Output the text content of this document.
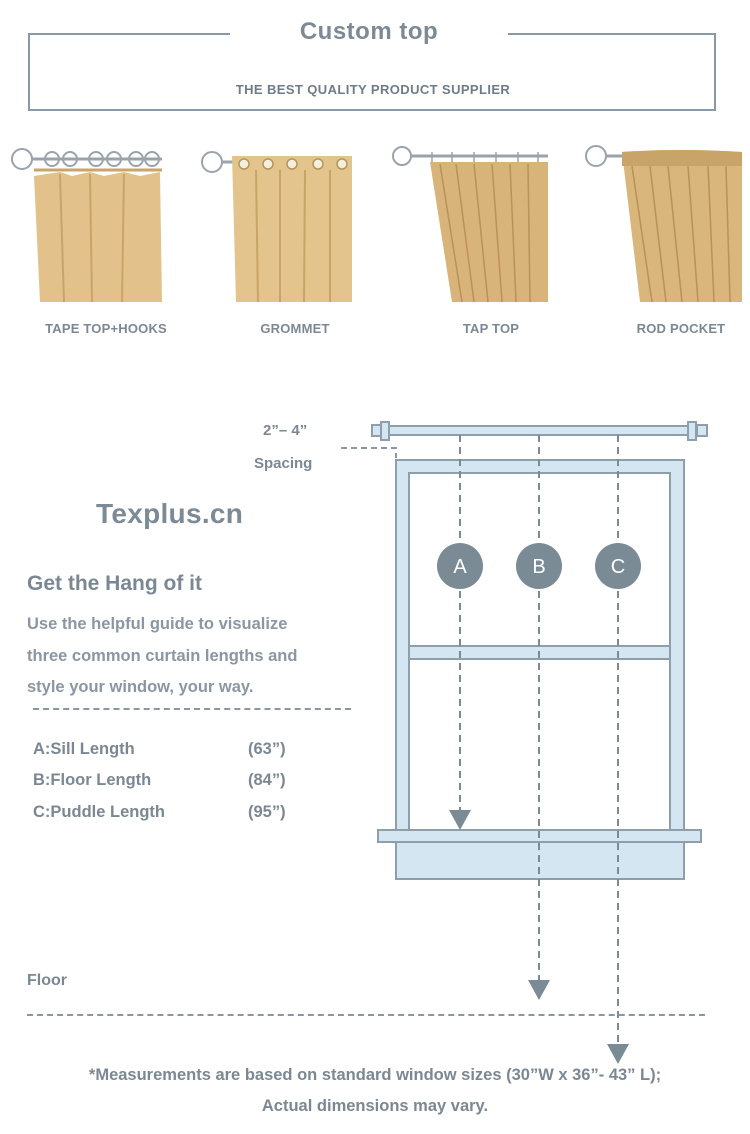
Custom top
THE BEST QUALITY PRODUCT SUPPLIER
TAPE TOP+HOOKS	GROMMET	TAP TOP	ROD POCKET
A	B	C
2”– 4”
Spacing
Texplus.cn
Get the Hang of it
Use the helpful guide to visualize
three common curtain lengths and
style your window, your way.
A:Sill Length	(63”)
B:Floor Length	(84”)
C:Puddle Length	(95”)
Floor
*Measurements are based on standard window sizes (30”W x 36”- 43” L);
Actual dimensions may vary.
